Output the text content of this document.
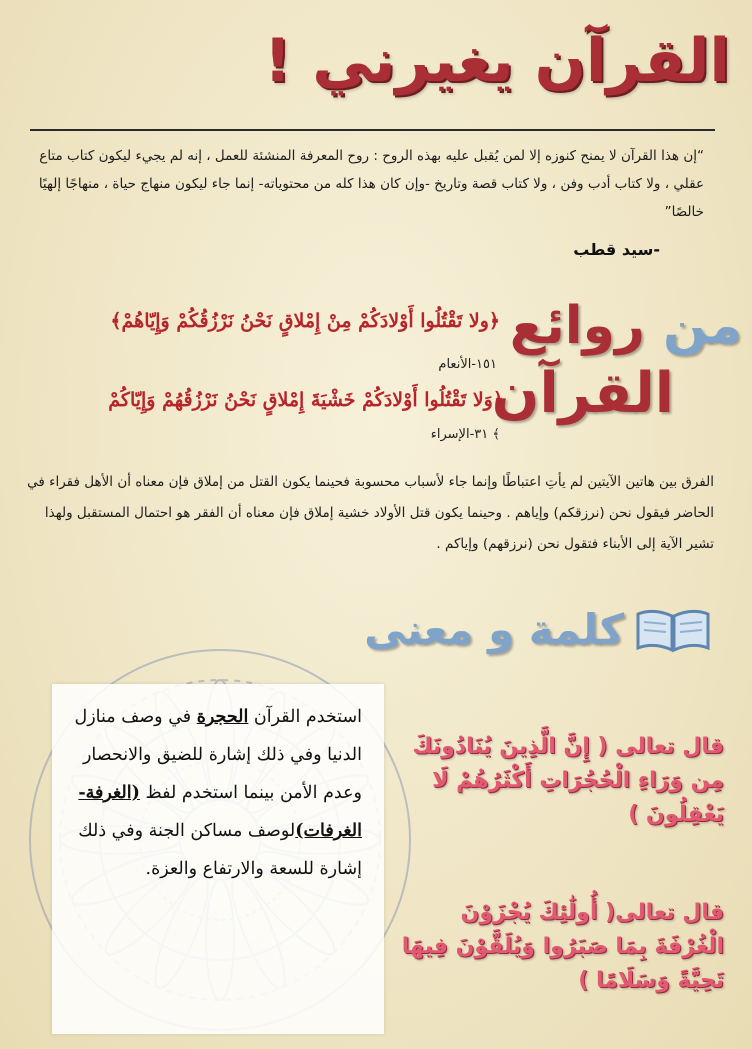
القرآن يغيرني !
“إن هذا القرآن لا يمنح كنوزه إلا لمن يُقبل عليه بهذه الروح : روح المعرفة المنشئة للعمل ، إنه لم يجيء ليكون كتاب متاع عقلي ، ولا كتاب أدب وفن ، ولا كتاب قصة وتاريخ -وإن كان هذا كله من محتوياته- إنما جاء ليكون منهاج حياة ، منهاجًا إلهيًا خالصًا”
-سيد قطب
من روائع
القرآن
﴿ولا تَقْتُلُوا أَوْلادَكُمْ مِنْ إِمْلاقٍ نَحْنُ نَرْزُقُكُمْ وَإِيّاهُمْ﴾
١٥١-الأنعام
﴿وَلا تَقْتُلُوا أَوْلادَكُمْ خَشْيَةَ إِمْلاقٍ نَحْنُ نَرْزُقُهُمْ وَإِيّاكُمْ
﴾ ٣١-الإسراء
الفرق بين هاتين الآيتين لم يأتِ اعتباطًا وإنما جاء لأسباب محسوبة فحينما يكون القتل من إملاق فإن معناه أن الأهل فقراء في الحاضر فيقول نحن (نرزقكم) وإياهم . وحينما يكون قتل الأولاد خشية إملاق فإن معناه أن الفقر هو احتمال المستقبل ولهذا تشير الآية إلى الأبناء فتقول نحن (نرزقهم) وإياكم .
كلمة و معنى
استخدم القرآن الحجرة في وصف منازل الدنيا وفي ذلك إشارة للضيق والانحصار وعدم الأمن بينما استخدم لفظ (الغرفة-الغرفات)لوصف مساكن الجنة وفي ذلك إشارة للسعة والارتفاع والعزة.
قال تعالى ( إِنَّ الَّذِينَ يُنَادُونَكَ مِن وَرَاءِ الْحُجُرَاتِ أَكْثَرُهُمْ لَا يَعْقِلُونَ )
قال تعالى( أُولَٰئِكَ يُجْزَوْنَ الْغُرْفَةَ بِمَا صَبَرُوا وَيُلَقَّوْنَ فِيهَا تَحِيَّةً وَسَلَامًا )
